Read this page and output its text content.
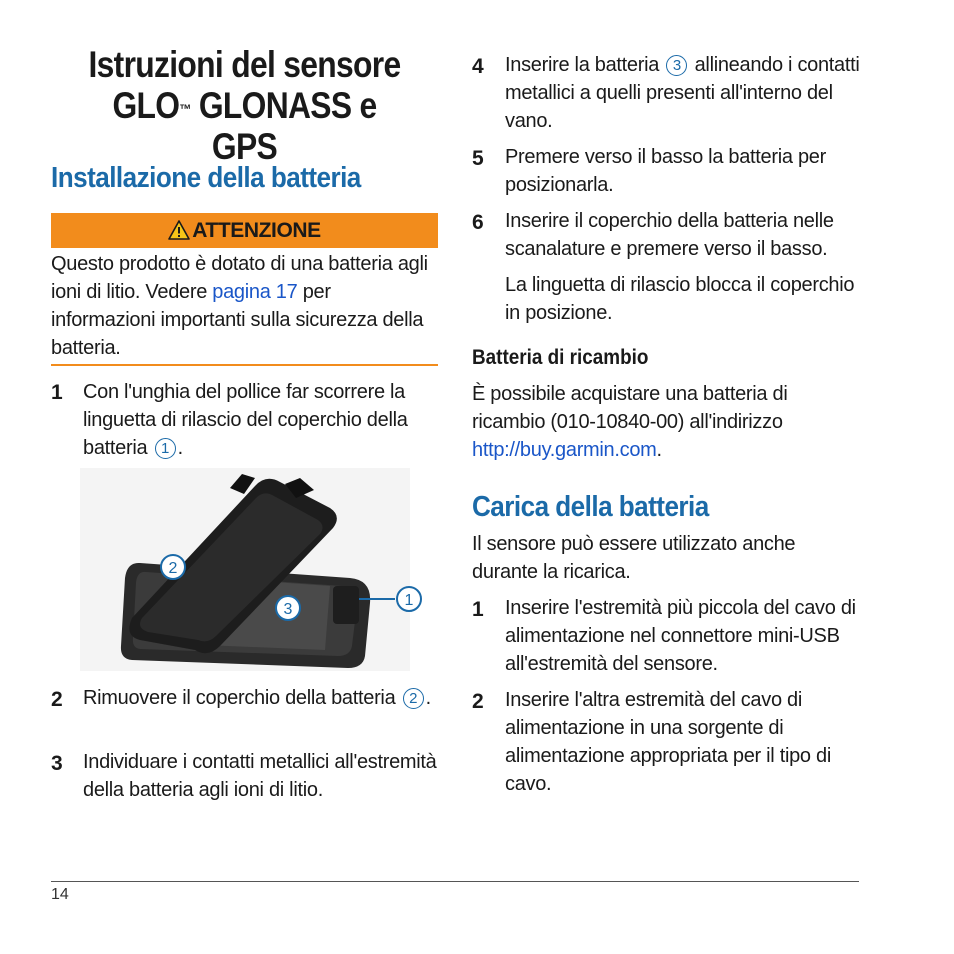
Istruzioni del sensore
GLO™ GLONASS e GPS
Installazione della batteria
ATTENZIONE
Questo prodotto è dotato di una batteria agli ioni di litio. Vedere pagina 17 per informazioni importanti sulla sicurezza della batteria.
1 Con l'unghia del pollice far scorrere la linguetta di rilascio del coperchio della batteria 1 .
1
2
3
2 Rimuovere il coperchio della batteria 2 .
3 Individuare i contatti metallici all'estremità della batteria agli ioni di litio.
4 Inserire la batteria 3 allineando i contatti metallici a quelli presenti all'interno del vano.
5 Premere verso il basso la batteria per posizionarla.
6 Inserire il coperchio della batteria nelle scanalature e premere verso il basso.
La linguetta di rilascio blocca il coperchio in posizione.
Batteria di ricambio
È possibile acquistare una batteria di ricambio (010-10840-00) all'indirizzo http://buy.garmin.com.
Carica della batteria
Il sensore può essere utilizzato anche durante la ricarica.
1 Inserire l'estremità più piccola del cavo di alimentazione nel connettore mini-USB all'estremità del sensore.
2 Inserire l'altra estremità del cavo di alimentazione in una sorgente di alimentazione appropriata per il tipo di cavo.
14
